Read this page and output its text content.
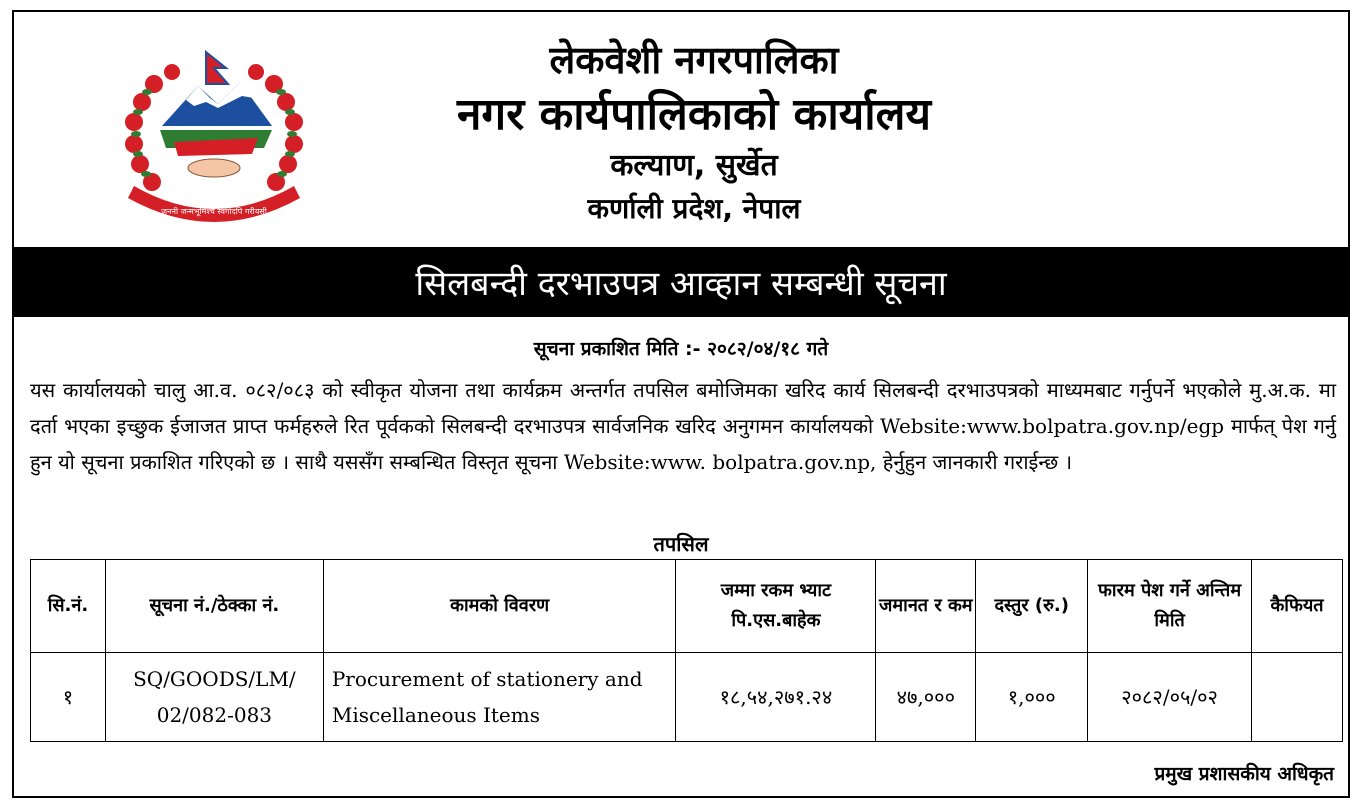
जननी जन्मभूमिश्च स्वर्गादपि गरीयसी
लेकवेशी नगरपालिका
नगर कार्यपालिकाको कार्यालय
कल्याण, सुर्खेत
कर्णाली प्रदेश, नेपाल
सिलबन्दी दरभाउपत्र आव्हान सम्बन्धी सूचना
सूचना प्रकाशित मिति :- २०८२/०४/१८ गते
यस कार्यालयको चालु आ.व. ०८२/०८३ को स्वीकृत योजना तथा कार्यक्रम अन्तर्गत तपसिल बमोजिमका खरिद कार्य सिलबन्दी दरभाउपत्रको माध्यमबाट गर्नुपर्ने भएकोले मु.अ.क. मा दर्ता भएका इच्छुक ईजाजत प्राप्त फर्महरुले रित पूर्वकको सिलबन्दी दरभाउपत्र सार्वजनिक खरिद अनुगमन कार्यालयको Website:www.bolpatra.gov.np/egp मार्फत् पेश गर्नु हुन यो सूचना प्रकाशित गरिएको छ । साथै यससँग सम्बन्धित विस्तृत सूचना Website:www. bolpatra.gov.np, हेर्नुहुन जानकारी गराईन्छ ।
तपसिल
सि.नं.	सूचना नं./ठेक्का नं.	कामको विवरण	जम्मा रकम भ्याट पि.एस.बाहेक	जमानत र कम	दस्तुर (रु.)	फारम पेश गर्ने अन्तिम मिति	कैफियत
१	SQ/GOODS/LM/ 02/082-083	Procurement of stationery and Miscellaneous Items	१८,५४,२७१.२४	४७,०००	१,०००	२०८२/०५/०२	
प्रमुख प्रशासकीय अधिकृत
